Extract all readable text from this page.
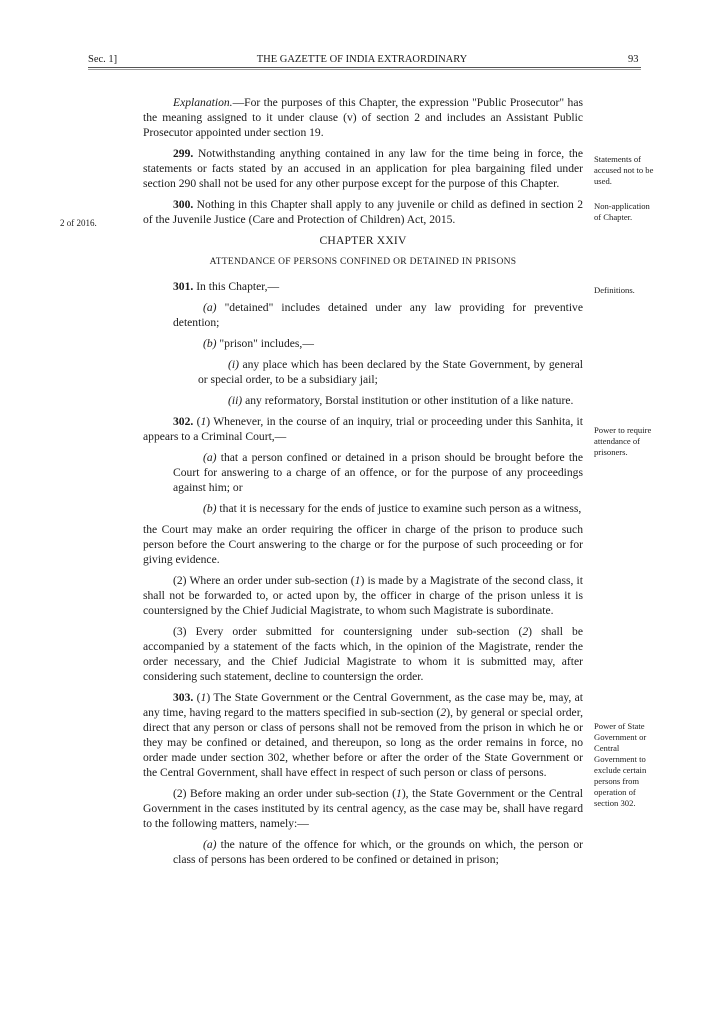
Sec. 1]	THE GAZETTE OF INDIA EXTRAORDINARY	93

Explanation.—For the purposes of this Chapter, the expression "Public Prosecutor" has the meaning assigned to it under clause (v) of section 2 and includes an Assistant Public Prosecutor appointed under section 19.

299. Notwithstanding anything contained in any law for the time being in force, the statements or facts stated by an accused in an application for plea bargaining filed under section 290 shall not be used for any other purpose except for the purpose of this Chapter.

300. Nothing in this Chapter shall apply to any juvenile or child as defined in section 2 of the Juvenile Justice (Care and Protection of Children) Act, 2015.

CHAPTER XXIV

ATTENDANCE OF PERSONS CONFINED OR DETAINED IN PRISONS

301. In this Chapter,—

(a) "detained" includes detained under any law providing for preventive detention;

(b) "prison" includes,—

(i) any place which has been declared by the State Government, by general or special order, to be a subsidiary jail;

(ii) any reformatory, Borstal institution or other institution of a like nature.

302. (1) Whenever, in the course of an inquiry, trial or proceeding under this Sanhita, it appears to a Criminal Court,—

(a) that a person confined or detained in a prison should be brought before the Court for answering to a charge of an offence, or for the purpose of any proceedings against him; or

(b) that it is necessary for the ends of justice to examine such person as a witness,

the Court may make an order requiring the officer in charge of the prison to produce such person before the Court answering to the charge or for the purpose of such proceeding or for giving evidence.

(2) Where an order under sub-section (1) is made by a Magistrate of the second class, it shall not be forwarded to, or acted upon by, the officer in charge of the prison unless it is countersigned by the Chief Judicial Magistrate, to whom such Magistrate is subordinate.

(3) Every order submitted for countersigning under sub-section (2) shall be accompanied by a statement of the facts which, in the opinion of the Magistrate, render the order necessary, and the Chief Judicial Magistrate to whom it is submitted may, after considering such statement, decline to countersign the order.

303. (1) The State Government or the Central Government, as the case may be, may, at any time, having regard to the matters specified in sub-section (2), by general or special order, direct that any person or class of persons shall not be removed from the prison in which he or they may be confined or detained, and thereupon, so long as the order remains in force, no order made under section 302, whether before or after the order of the State Government or the Central Government, shall have effect in respect of such person or class of persons.

(2) Before making an order under sub-section (1), the State Government or the Central Government in the cases instituted by its central agency, as the case may be, shall have regard to the following matters, namely:—

(a) the nature of the offence for which, or the grounds on which, the person or class of persons has been ordered to be confined or detained in prison;

Statements of accused not to be used.
Non-application of Chapter.
Definitions.
Power to require attendance of prisoners.
Power of State Government or Central Government to exclude certain persons from operation of section 302.
2 of 2016.
